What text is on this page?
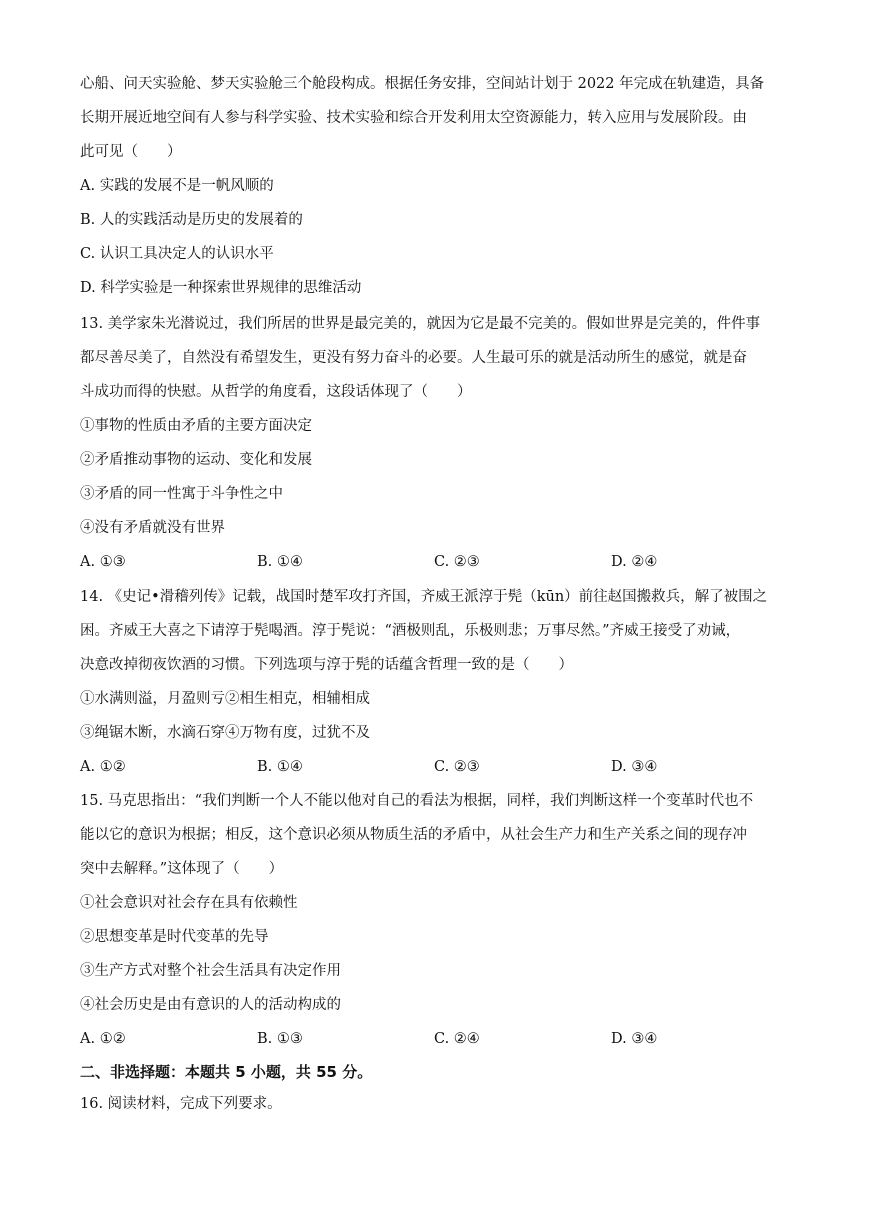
心船、问天实验舱、梦天实验舱三个舱段构成。根据任务安排，空间站计划于 2022 年完成在轨建造，具备
长期开展近地空间有人参与科学实验、技术实验和综合开发利用太空资源能力，转入应用与发展阶段。由
此可见（　　）
A. 实践的发展不是一帆风顺的
B. 人的实践活动是历史的发展着的
C. 认识工具决定人的认识水平
D. 科学实验是一种探索世界规律的思维活动
13. 美学家朱光潜说过，我们所居的世界是最完美的，就因为它是最不完美的。假如世界是完美的，件件事
都尽善尽美了，自然没有希望发生，更没有努力奋斗的必要。人生最可乐的就是活动所生的感觉，就是奋
斗成功而得的快慰。从哲学的角度看，这段话体现了（　　）
①事物的性质由矛盾的主要方面决定
②矛盾推动事物的运动、变化和发展
③矛盾的同一性寓于斗争性之中
④没有矛盾就没有世界
A. ①③	B. ①④	C. ②③	D. ②④
14. 《史记•滑稽列传》记载，战国时楚军攻打齐国，齐威王派淳于髡（kūn）前往赵国搬救兵，解了被围之
困。齐威王大喜之下请淳于髡喝酒。淳于髡说：“酒极则乱，乐极则悲；万事尽然。”齐威王接受了劝诫，
决意改掉彻夜饮酒的习惯。下列选项与淳于髡的话蕴含哲理一致的是（　　）
①水满则溢，月盈则亏②相生相克，相辅相成
③绳锯木断，水滴石穿④万物有度，过犹不及
A. ①②	B. ①④	C. ②③	D. ③④
15. 马克思指出：“我们判断一个人不能以他对自己的看法为根据，同样，我们判断这样一个变革时代也不
能以它的意识为根据；相反，这个意识必须从物质生活的矛盾中，从社会生产力和生产关系之间的现存冲
突中去解释。”这体现了（　　）
①社会意识对社会存在具有依赖性
②思想变革是时代变革的先导
③生产方式对整个社会生活具有决定作用
④社会历史是由有意识的人的活动构成的
A. ①②	B. ①③	C. ②④	D. ③④
二、非选择题：本题共 5 小题，共 55 分。
16. 阅读材料，完成下列要求。
